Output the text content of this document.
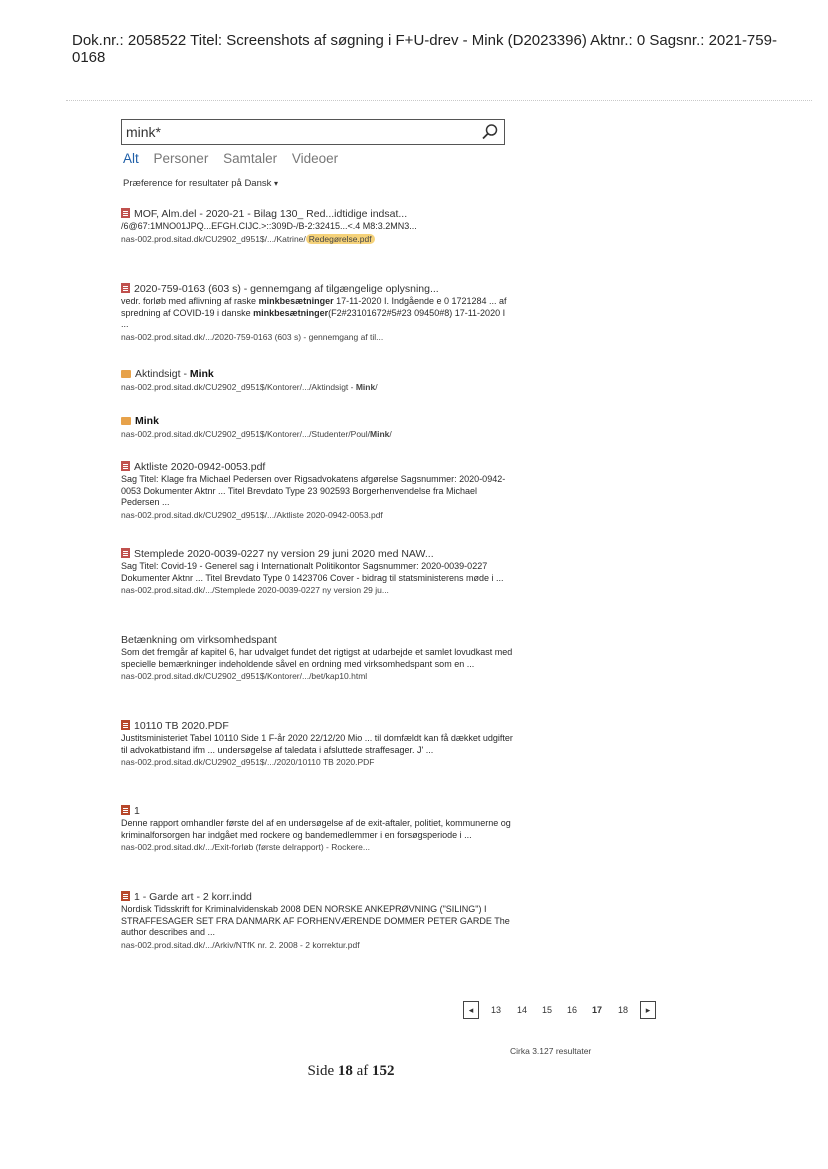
Dok.nr.: 2058522 Titel: Screenshots af søgning i F+U-drev - Mink (D2023396) Aktnr.: 0 Sagsnr.: 2021-759-0168
mink*
Alt Personer Samtaler Videoer
Præference for resultater på Dansk ▾
MOF, Alm.del - 2020-21 - Bilag 130_ Red...idtidige indsat...
/6@67:1MNO01JPQ...EFGH.CIJC.>::309D-/B-2:32415...<.4 M8:3.2MN3...
nas-002.prod.sitad.dk/CU2902_d951$/.../Katrine/ Redegørelse.pdf
2020-759-0163 (603 s) - gennemgang af tilgængelige oplysning...
vedr. forløb med aflivning af raske minkbesætninger 17-11-2020 I. Indgående e 0 1721284 ... af spredning af COVID-19 i danske minkbesætninger(F2#23101672#5#23 09450#8) 17-11-2020 I ...
nas-002.prod.sitad.dk/.../2020-759-0163 (603 s) - gennemgang af til...
Aktindsigt - Mink
nas-002.prod.sitad.dk/CU2902_d951$/Kontorer/.../Aktindsigt - Mink/
Mink
nas-002.prod.sitad.dk/CU2902_d951$/Kontorer/.../Studenter/Poul/Mink/
Aktliste 2020-0942-0053.pdf
Sag Titel: Klage fra Michael Pedersen over Rigsadvokatens afgørelse Sagsnummer: 2020-0942-0053 Dokumenter Aktnr ... Titel Brevdato Type 23 902593 Borgerhenvendelse fra Michael Pedersen ...
nas-002.prod.sitad.dk/CU2902_d951$/.../Aktliste 2020-0942-0053.pdf
Stemplede 2020-0039-0227 ny version 29 juni 2020 med NAW...
Sag Titel: Covid-19 - Generel sag i Internationalt Politikontor Sagsnummer: 2020-0039-0227 Dokumenter Aktnr ... Titel Brevdato Type 0 1423706 Cover - bidrag til statsministerens møde i ...
nas-002.prod.sitad.dk/.../Stemplede 2020-0039-0227 ny version 29 ju...
Betænkning om virksomhedspant
Som det fremgår af kapitel 6, har udvalget fundet det rigtigst at udarbejde et samlet lovudkast med specielle bemærkninger indeholdende såvel en ordning med virksomhedspant som en ...
nas-002.prod.sitad.dk/CU2902_d951$/Kontorer/.../bet/kap10.html
10110 TB 2020.PDF
Justitsministeriet Tabel 10110 Side 1 F-år 2020 22/12/20 Mio ... til domfældt kan få dækket udgifter til advokatbistand ifm ... undersøgelse af taledata i afsluttede straffesager. J' ...
nas-002.prod.sitad.dk/CU2902_d951$/.../2020/10110 TB 2020.PDF
1
Denne rapport omhandler første del af en undersøgelse af de exit-aftaler, politiet, kommunerne og kriminalforsorgen har indgået med rockere og bandemedlemmer i en forsøgsperiode i ...
nas-002.prod.sitad.dk/.../Exit-forløb (første delrapport) - Rockere...
1 - Garde art - 2 korr.indd
Nordisk Tidsskrift for Kriminalvidenskab 2008 DEN NORSKE ANKEPRØVNING ("SILING") I STRAFFESAGER SET FRA DANMARK AF FORHENVÆRENDE DOMMER PETER GARDE The author describes and ...
nas-002.prod.sitad.dk/.../Arkiv/NTfK nr. 2. 2008 - 2 korrektur.pdf
◂	13 14 15 16 17 18	▸
Cirka 3.127 resultater
Side 18 af 152
